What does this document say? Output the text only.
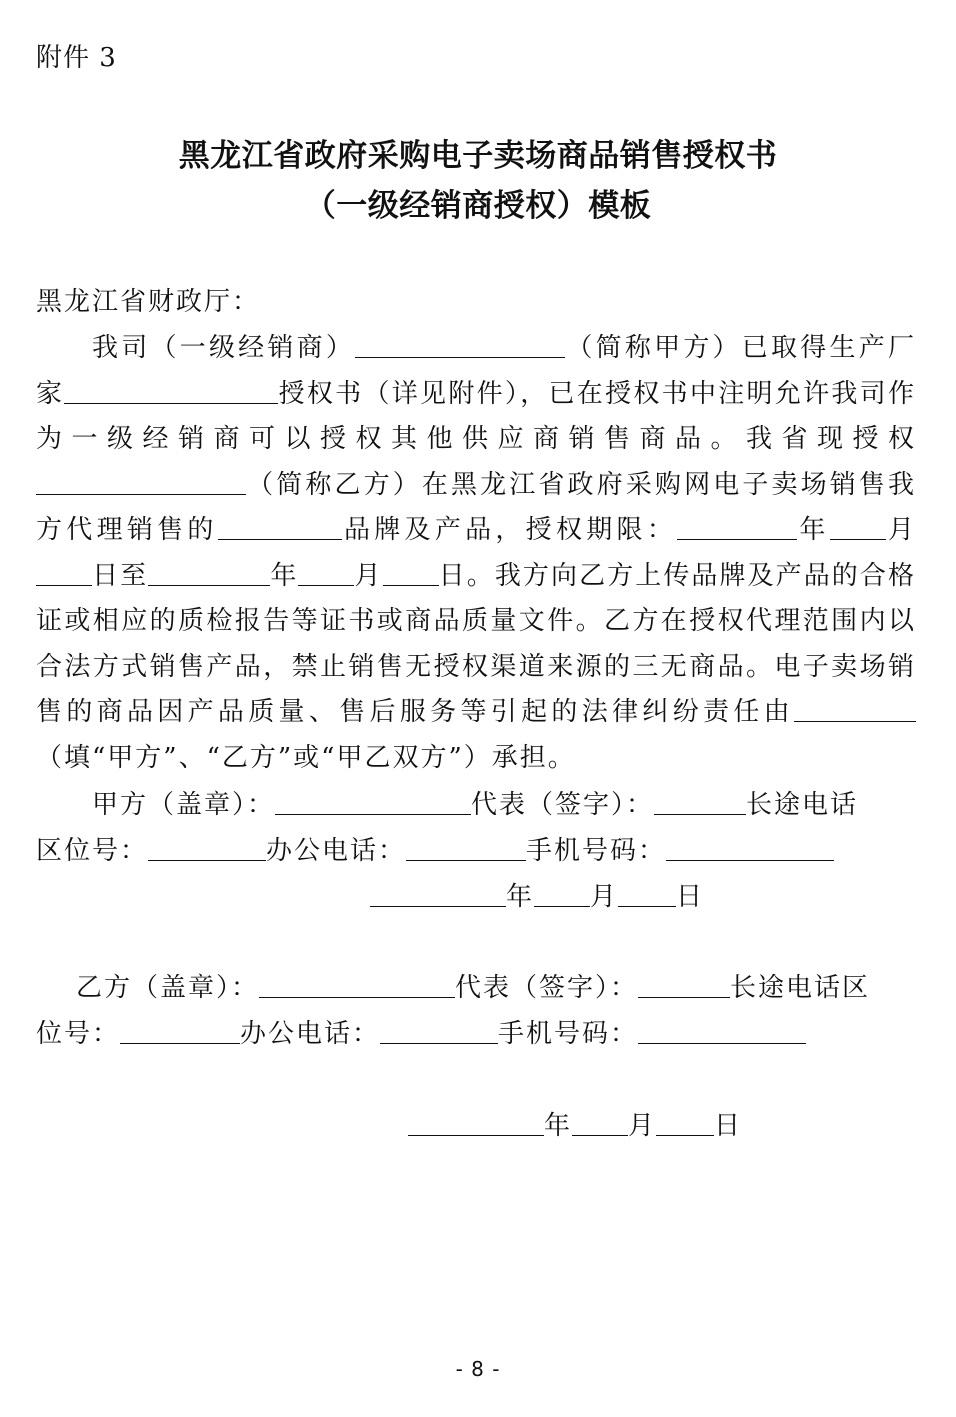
附件 3
黑龙江省政府采购电子卖场商品销售授权书
（一级经销商授权）模板
黑龙江省财政厅：
我司（一级经销商）	（简称甲方）已取得生产厂家	授权书（详见附件），已在授权书中注明允许我司作为一级经销商可以授权其他供应商销售商品。我省现授权（简称乙方）在黑龙江省政府采购网电子卖场销售我方代理销售的	品牌及产品，授权期限：	年 月日至	年 月 日。我方向乙方上传品牌及产品的合格证或相应的质检报告等证书或商品质量文件。乙方在授权代理范围内以合法方式销售产品，禁止销售无授权渠道来源的三无商品。电子卖场销售的商品因产品质量、售后服务等引起的法律纠纷责任由（填“甲方”、“乙方”或“甲乙双方”）承担。
甲方（盖章）：	代表（签字）：	长途电话
区位号：	办公电话：	手机号码：
年 月 日
乙方（盖章）：	代表（签字）：	长途电话区
位号：	办公电话：	手机号码：
年 月 日
- 8 -
